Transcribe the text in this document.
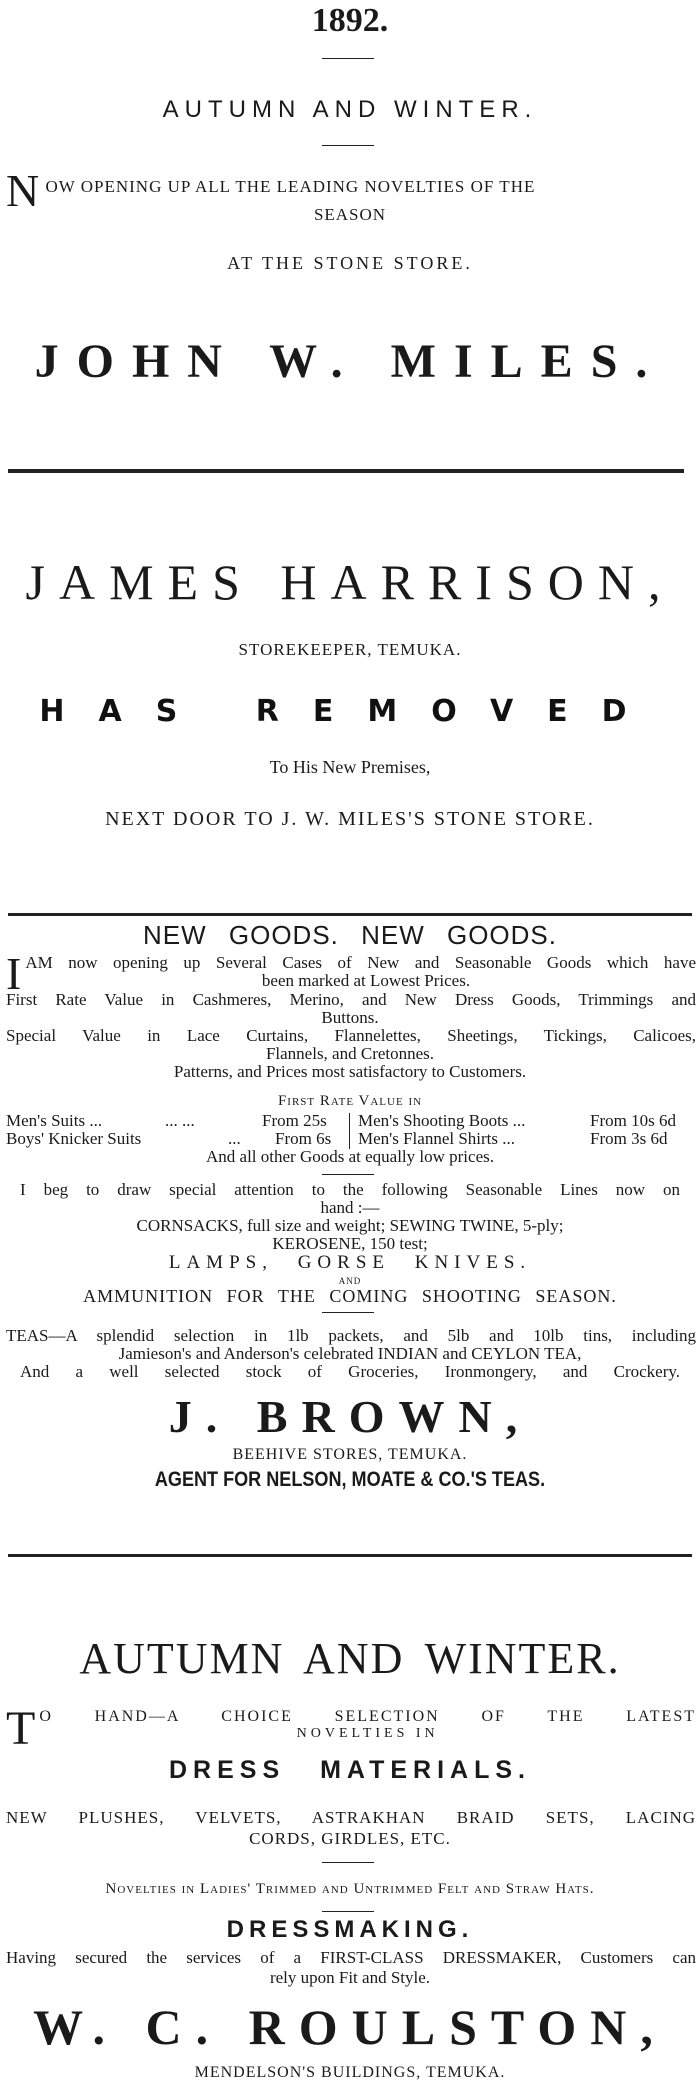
1892.
AUTUMN AND WINTER.
N OW OPENING UP ALL THE LEADING NOVELTIES OF THE
SEASON
AT THE STONE STORE.
JOHN W. MILES.
JAMES HARRISON,
STOREKEEPER, TEMUKA.
HAS REMOVED
To His New Premises,
NEXT DOOR TO J. W. MILES'S STONE STORE.
NEW GOODS. NEW GOODS.
I AM now opening up Several Cases of New and Seasonable Goods which have
been marked at Lowest Prices.
First Rate Value in Cashmeres, Merino, and New Dress Goods, Trimmings and
Buttons.
Special Value in Lace Curtains, Flannelettes, Sheetings, Tickings, Calicoes,
Flannels, and Cretonnes.
Patterns, and Prices most satisfactory to Customers.
First Rate Value in
Men's Suits ...	... ...	From 25s Men's Shooting Boots ...	From 10s 6d
Boys' Knicker Suits	... From 6s Men's Flannel Shirts ...	From 3s 6d
And all other Goods at equally low prices.
I beg to draw special attention to the following Seasonable Lines now on
hand :—
CORNSACKS, full size and weight; SEWING TWINE, 5-ply;
KEROSENE, 150 test;
LAMPS, GORSE KNIVES.
AND
AMMUNITION FOR THE COMING SHOOTING SEASON.
TEAS—A splendid selection in 1lb packets, and 5lb and 10lb tins, including
Jamieson's and Anderson's celebrated INDIAN and CEYLON TEA,
And a well selected stock of Groceries, Ironmongery, and Crockery.
J. BROWN,
BEEHIVE STORES, TEMUKA.
AGENT FOR NELSON, MOATE & CO.'S TEAS.
AUTUMN AND WINTER.
T O HAND—A CHOICE SELECTION OF THE LATEST
NOVELTIES IN
DRESS MATERIALS.
NEW PLUSHES, VELVETS, ASTRAKHAN BRAID SETS, LACING
CORDS, GIRDLES, ETC.
Novelties in Ladies' Trimmed and Untrimmed Felt and Straw Hats.
DRESSMAKING.
Having secured the services of a FIRST-CLASS DRESSMAKER, Customers can
rely upon Fit and Style.
W. C. ROULSTON,
MENDELSON'S BUILDINGS, TEMUKA.
